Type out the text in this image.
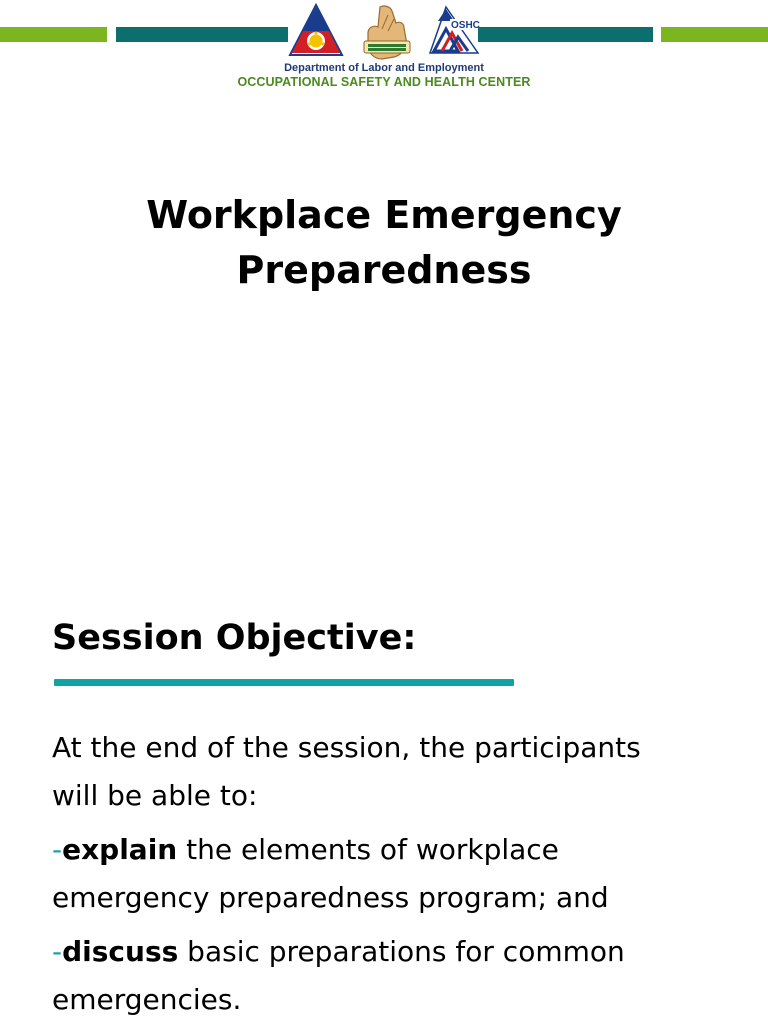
OSHC
Department of Labor and Employment
OCCUPATIONAL SAFETY AND HEALTH CENTER
Workplace Emergency
Preparedness
Session Objective:

At the end of the session, the participants
will be able to:

-explain the elements of workplace
emergency preparedness program; and

-discuss basic preparations for common
emergencies.
